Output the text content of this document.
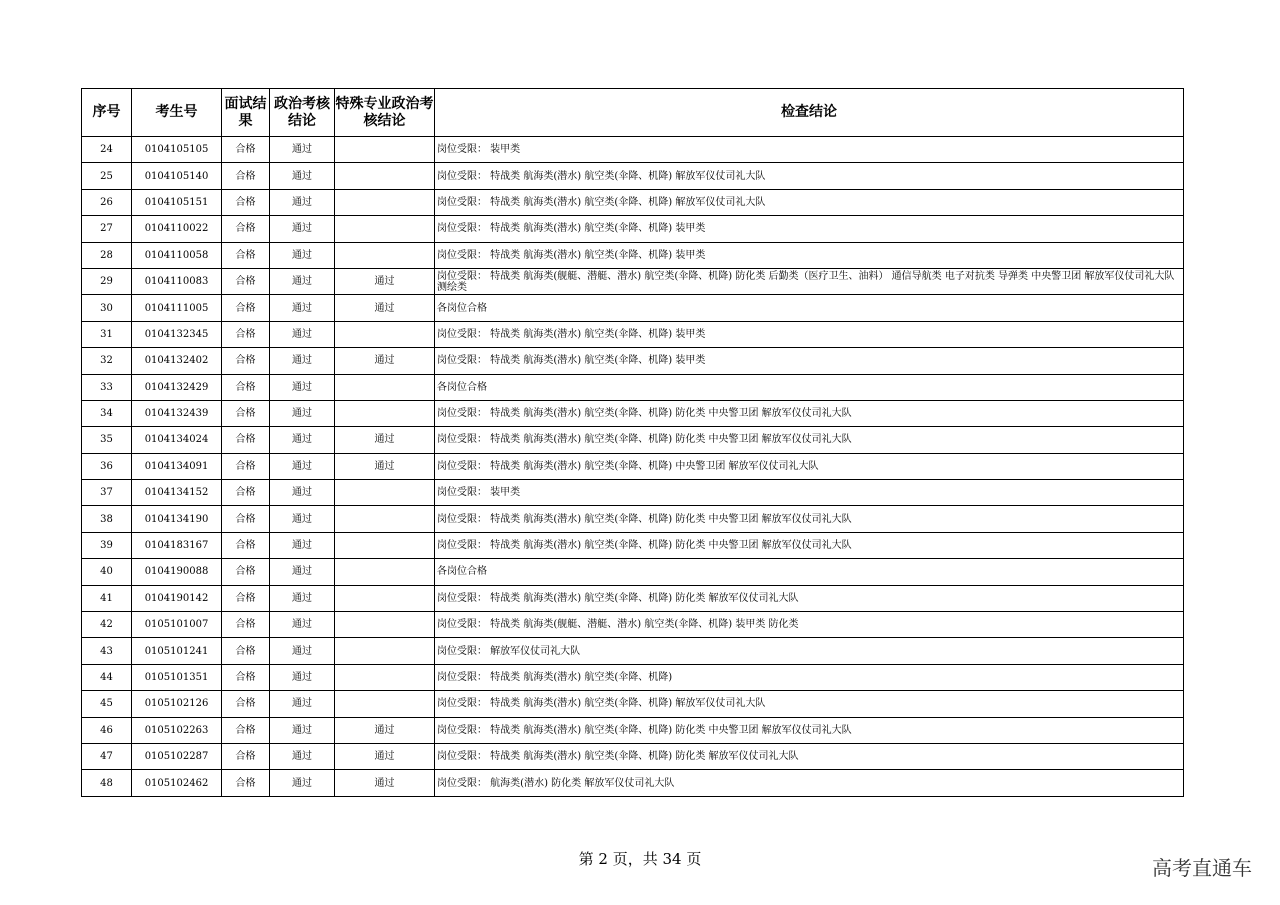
序号	考生号	面试结果	政治考核结论	特殊专业政治考核结论	检查结论
24	0104105105	合格	通过		岗位受限： 装甲类
25	0104105140	合格	通过		岗位受限： 特战类 航海类(潜水) 航空类(伞降、机降) 解放军仪仗司礼大队
26	0104105151	合格	通过		岗位受限： 特战类 航海类(潜水) 航空类(伞降、机降) 解放军仪仗司礼大队
27	0104110022	合格	通过		岗位受限： 特战类 航海类(潜水) 航空类(伞降、机降) 装甲类
28	0104110058	合格	通过		岗位受限： 特战类 航海类(潜水) 航空类(伞降、机降) 装甲类
29	0104110083	合格	通过	通过	岗位受限： 特战类 航海类(舰艇、潜艇、潜水) 航空类(伞降、机降) 防化类 后勤类（医疗卫生、油料） 通信导航类 电子对抗类 导弹类 中央警卫团 解放军仪仗司礼大队 测绘类
30	0104111005	合格	通过	通过	各岗位合格
31	0104132345	合格	通过		岗位受限： 特战类 航海类(潜水) 航空类(伞降、机降) 装甲类
32	0104132402	合格	通过	通过	岗位受限： 特战类 航海类(潜水) 航空类(伞降、机降) 装甲类
33	0104132429	合格	通过		各岗位合格
34	0104132439	合格	通过		岗位受限： 特战类 航海类(潜水) 航空类(伞降、机降) 防化类 中央警卫团 解放军仪仗司礼大队
35	0104134024	合格	通过	通过	岗位受限： 特战类 航海类(潜水) 航空类(伞降、机降) 防化类 中央警卫团 解放军仪仗司礼大队
36	0104134091	合格	通过	通过	岗位受限： 特战类 航海类(潜水) 航空类(伞降、机降) 中央警卫团 解放军仪仗司礼大队
37	0104134152	合格	通过		岗位受限： 装甲类
38	0104134190	合格	通过		岗位受限： 特战类 航海类(潜水) 航空类(伞降、机降) 防化类 中央警卫团 解放军仪仗司礼大队
39	0104183167	合格	通过		岗位受限： 特战类 航海类(潜水) 航空类(伞降、机降) 防化类 中央警卫团 解放军仪仗司礼大队
40	0104190088	合格	通过		各岗位合格
41	0104190142	合格	通过		岗位受限： 特战类 航海类(潜水) 航空类(伞降、机降) 防化类 解放军仪仗司礼大队
42	0105101007	合格	通过		岗位受限： 特战类 航海类(舰艇、潜艇、潜水) 航空类(伞降、机降) 装甲类 防化类
43	0105101241	合格	通过		岗位受限： 解放军仪仗司礼大队
44	0105101351	合格	通过		岗位受限： 特战类 航海类(潜水) 航空类(伞降、机降)
45	0105102126	合格	通过		岗位受限： 特战类 航海类(潜水) 航空类(伞降、机降) 解放军仪仗司礼大队
46	0105102263	合格	通过	通过	岗位受限： 特战类 航海类(潜水) 航空类(伞降、机降) 防化类 中央警卫团 解放军仪仗司礼大队
47	0105102287	合格	通过	通过	岗位受限： 特战类 航海类(潜水) 航空类(伞降、机降) 防化类 解放军仪仗司礼大队
48	0105102462	合格	通过	通过	岗位受限： 航海类(潜水) 防化类 解放军仪仗司礼大队
第 2 页，共 34 页	高考直通车
